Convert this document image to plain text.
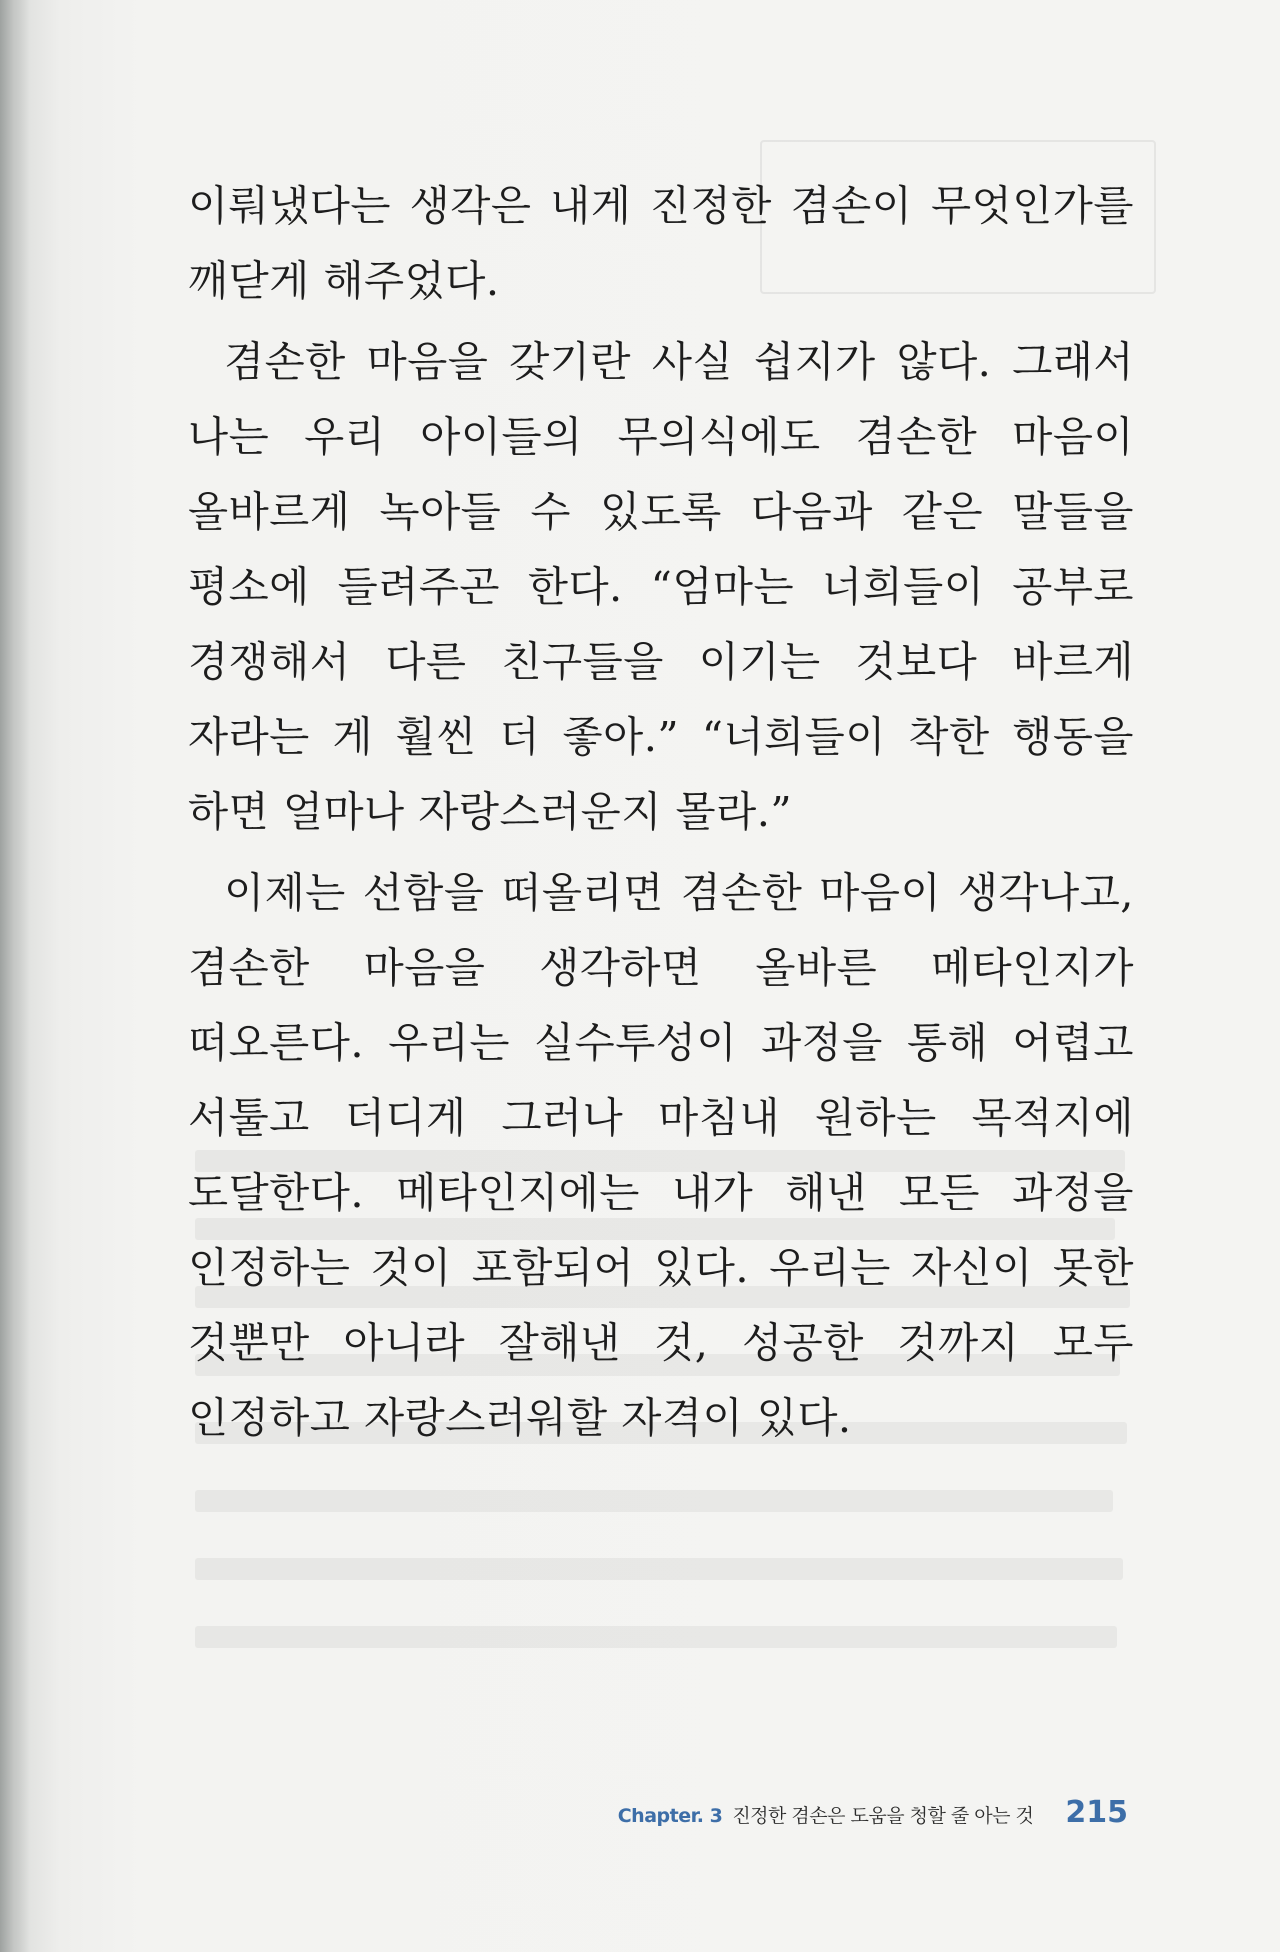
이뤄냈다는 생각은 내게 진정한 겸손이 무엇인가를 깨닫게 해주었다.

겸손한 마음을 갖기란 사실 쉽지가 않다. 그래서 나는 우리 아이들의 무의식에도 겸손한 마음이 올바르게 녹아들 수 있도록 다음과 같은 말들을 평소에 들려주곤 한다. “엄마는 너희들이 공부로 경쟁해서 다른 친구들을 이기는 것보다 바르게 자라는 게 훨씬 더 좋아.” “너희들이 착한 행동을 하면 얼마나 자랑스러운지 몰라.”

이제는 선함을 떠올리면 겸손한 마음이 생각나고, 겸손한 마음을 생각하면 올바른 메타인지가 떠오른다. 우리는 실수투성이 과정을 통해 어렵고 서툴고 더디게 그러나 마침내 원하는 목적지에 도달한다. 메타인지에는 내가 해낸 모든 과정을 인정하는 것이 포함되어 있다. 우리는 자신이 못한 것뿐만 아니라 잘해낸 것, 성공한 것까지 모두 인정하고 자랑스러워할 자격이 있다.

Chapter. 3 진정한 겸손은 도움을 청할 줄 아는 것 215
